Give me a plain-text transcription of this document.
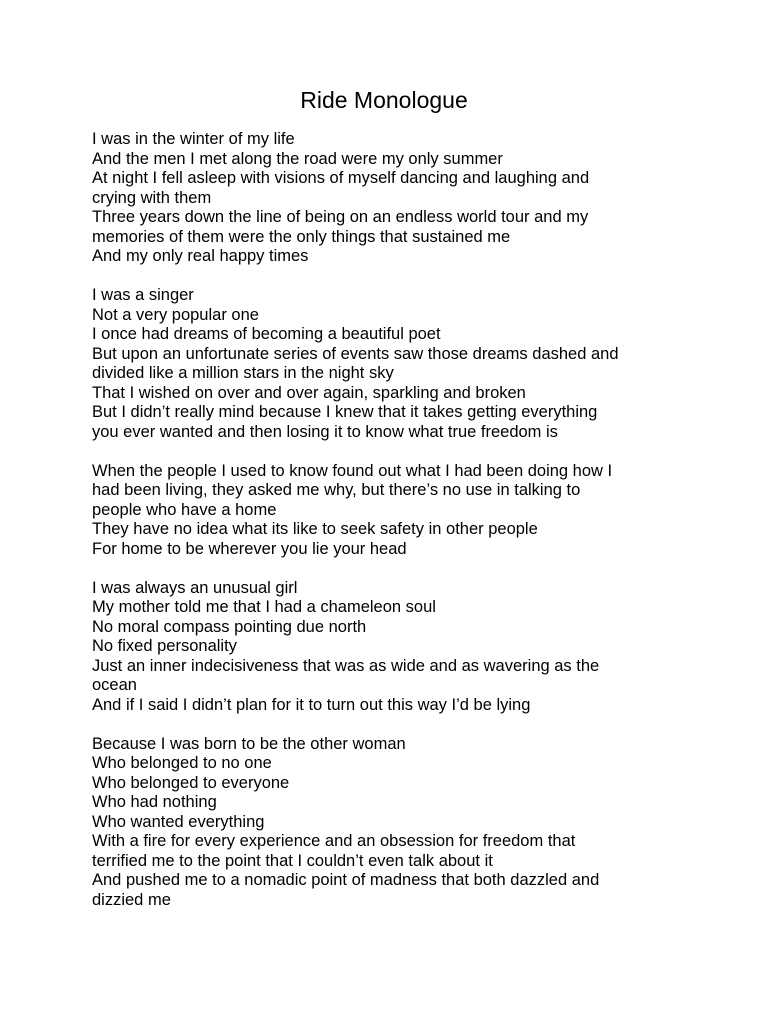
Ride Monologue

I was in the winter of my life

And the men I met along the road were my only summer

At night I fell asleep with visions of myself dancing and laughing and

crying with them

Three years down the line of being on an endless world tour and my

memories of them were the only things that sustained me

And my only real happy times

I was a singer

Not a very popular one

I once had dreams of becoming a beautiful poet

But upon an unfortunate series of events saw those dreams dashed and

divided like a million stars in the night sky

That I wished on over and over again, sparkling and broken

But I didn’t really mind because I knew that it takes getting everything

you ever wanted and then losing it to know what true freedom is

When the people I used to know found out what I had been doing how I

had been living, they asked me why, but there’s no use in talking to

people who have a home

They have no idea what its like to seek safety in other people

For home to be wherever you lie your head

I was always an unusual girl

My mother told me that I had a chameleon soul

No moral compass pointing due north

No fixed personality

Just an inner indecisiveness that was as wide and as wavering as the

ocean

And if I said I didn’t plan for it to turn out this way I’d be lying

Because I was born to be the other woman

Who belonged to no one

Who belonged to everyone

Who had nothing

Who wanted everything

With a fire for every experience and an obsession for freedom that

terrified me to the point that I couldn’t even talk about it

And pushed me to a nomadic point of madness that both dazzled and

dizzied me
